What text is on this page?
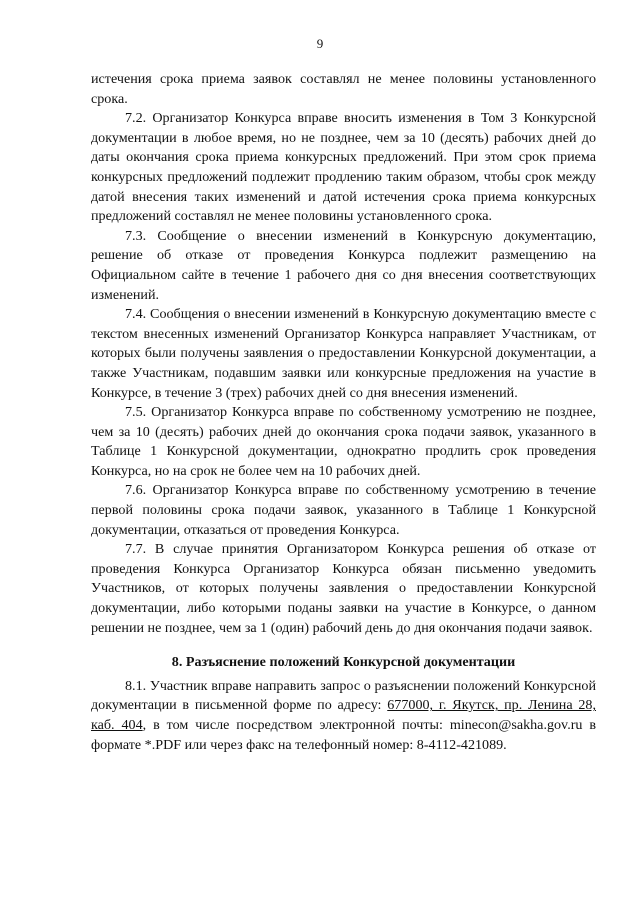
9

истечения срока приема заявок составлял не менее половины установленного срока.

7.2. Организатор Конкурса вправе вносить изменения в Том 3 Конкурсной документации в любое время, но не позднее, чем за 10 (десять) рабочих дней до даты окончания срока приема конкурсных предложений. При этом срок приема конкурсных предложений подлежит продлению таким образом, чтобы срок между датой внесения таких изменений и датой истечения срока приема конкурсных предложений составлял не менее половины установленного срока.

7.3. Сообщение о внесении изменений в Конкурсную документацию, решение об отказе от проведения Конкурса подлежит размещению на Официальном сайте в течение 1 рабочего дня со дня внесения соответствующих изменений.

7.4. Сообщения о внесении изменений в Конкурсную документацию вместе с текстом внесенных изменений Организатор Конкурса направляет Участникам, от которых были получены заявления о предоставлении Конкурсной документации, а также Участникам, подавшим заявки или конкурсные предложения на участие в Конкурсе, в течение 3 (трех) рабочих дней со дня внесения изменений.

7.5. Организатор Конкурса вправе по собственному усмотрению не позднее, чем за 10 (десять) рабочих дней до окончания срока подачи заявок, указанного в Таблице 1 Конкурсной документации, однократно продлить срок проведения Конкурса, но на срок не более чем на 10 рабочих дней.

7.6. Организатор Конкурса вправе по собственному усмотрению в течение первой половины срока подачи заявок, указанного в Таблице 1 Конкурсной документации, отказаться от проведения Конкурса.

7.7. В случае принятия Организатором Конкурса решения об отказе от проведения Конкурса Организатор Конкурса обязан письменно уведомить Участников, от которых получены заявления о предоставлении Конкурсной документации, либо которыми поданы заявки на участие в Конкурсе, о данном решении не позднее, чем за 1 (один) рабочий день до дня окончания подачи заявок.

8. Разъяснение положений Конкурсной документации

8.1. Участник вправе направить запрос о разъяснении положений Конкурсной документации в письменной форме по адресу: 677000, г. Якутск, пр. Ленина 28, каб. 404, в том числе посредством электронной почты: minecon@sakha.gov.ru в формате *.PDF или через факс на телефонный номер: 8-4112-421089.
